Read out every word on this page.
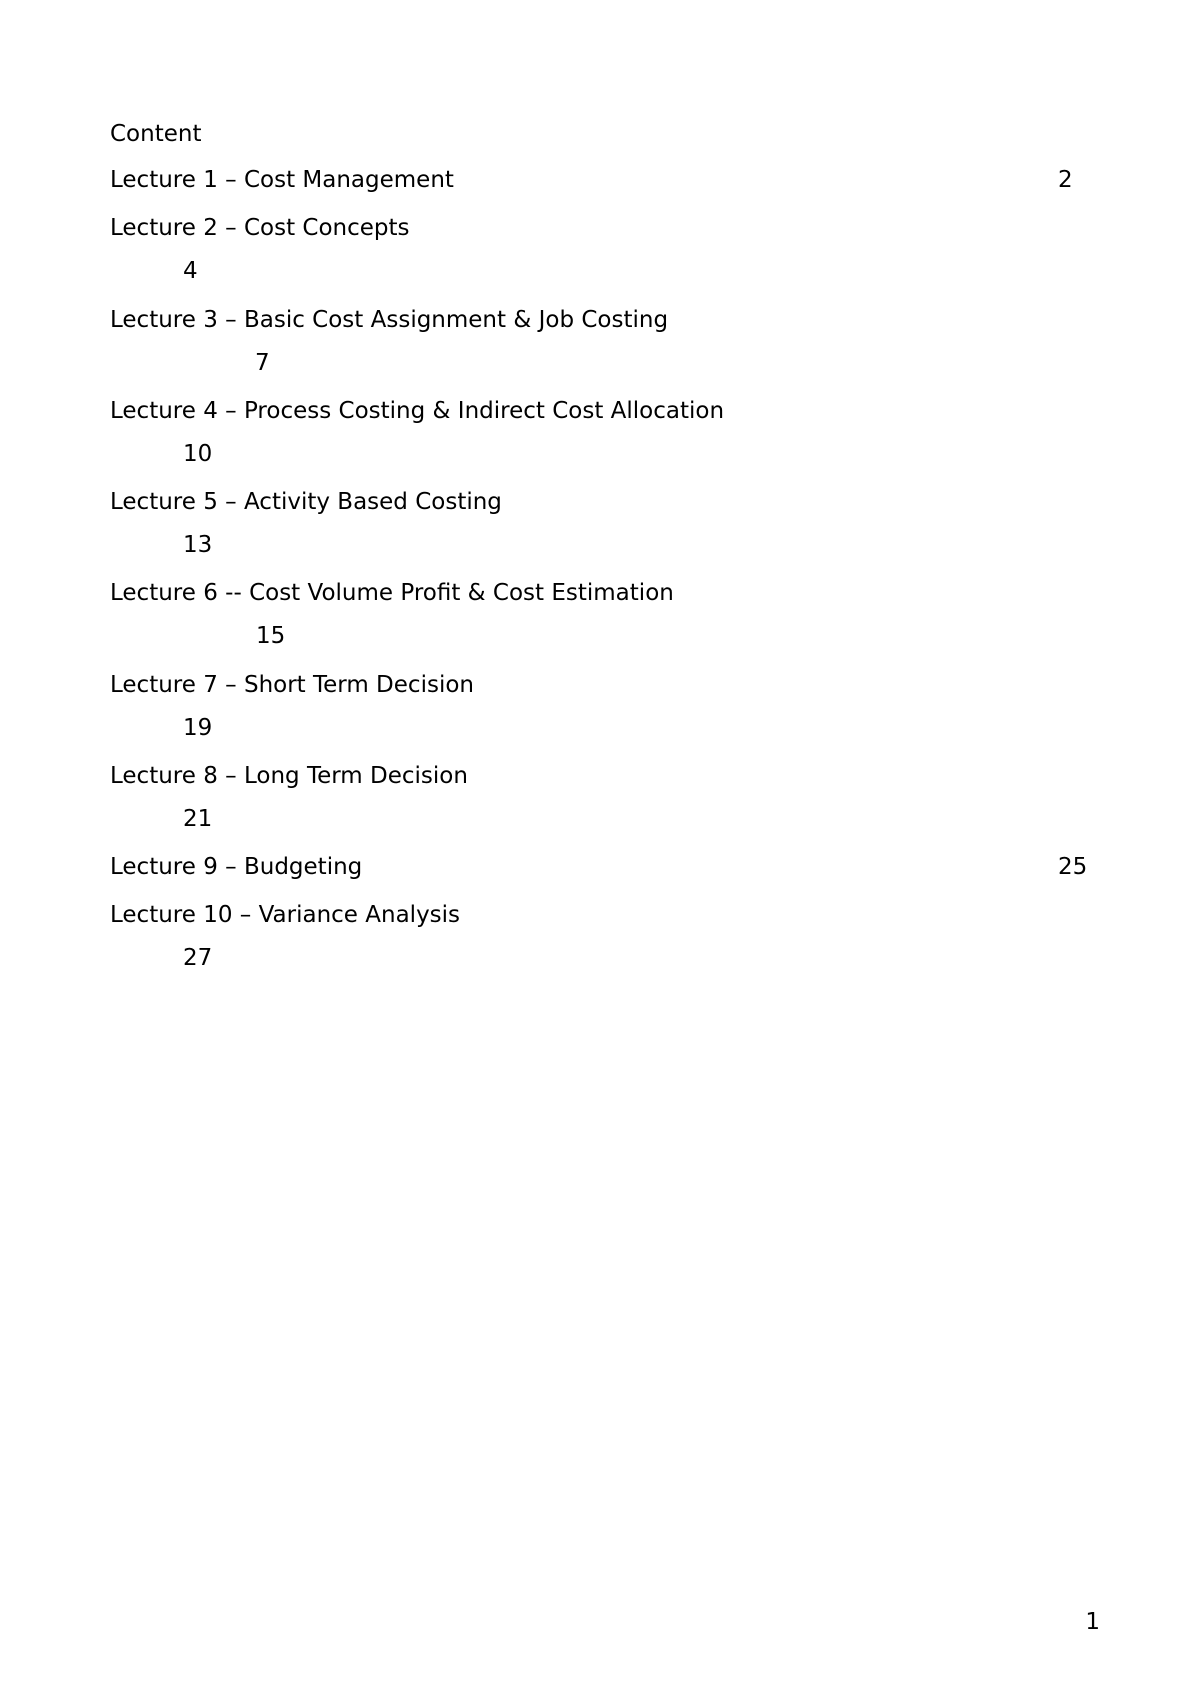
Content
Lecture 1 – Cost Management	2
Lecture 2 – Cost Concepts
4
Lecture 3 – Basic Cost Assignment & Job Costing
7
Lecture 4 – Process Costing & Indirect Cost Allocation
10
Lecture 5 – Activity Based Costing
13
Lecture 6 -- Cost Volume Profit & Cost Estimation
15
Lecture 7 – Short Term Decision
19
Lecture 8 – Long Term Decision
21
Lecture 9 – Budgeting	25
Lecture 10 – Variance Analysis
27
1
